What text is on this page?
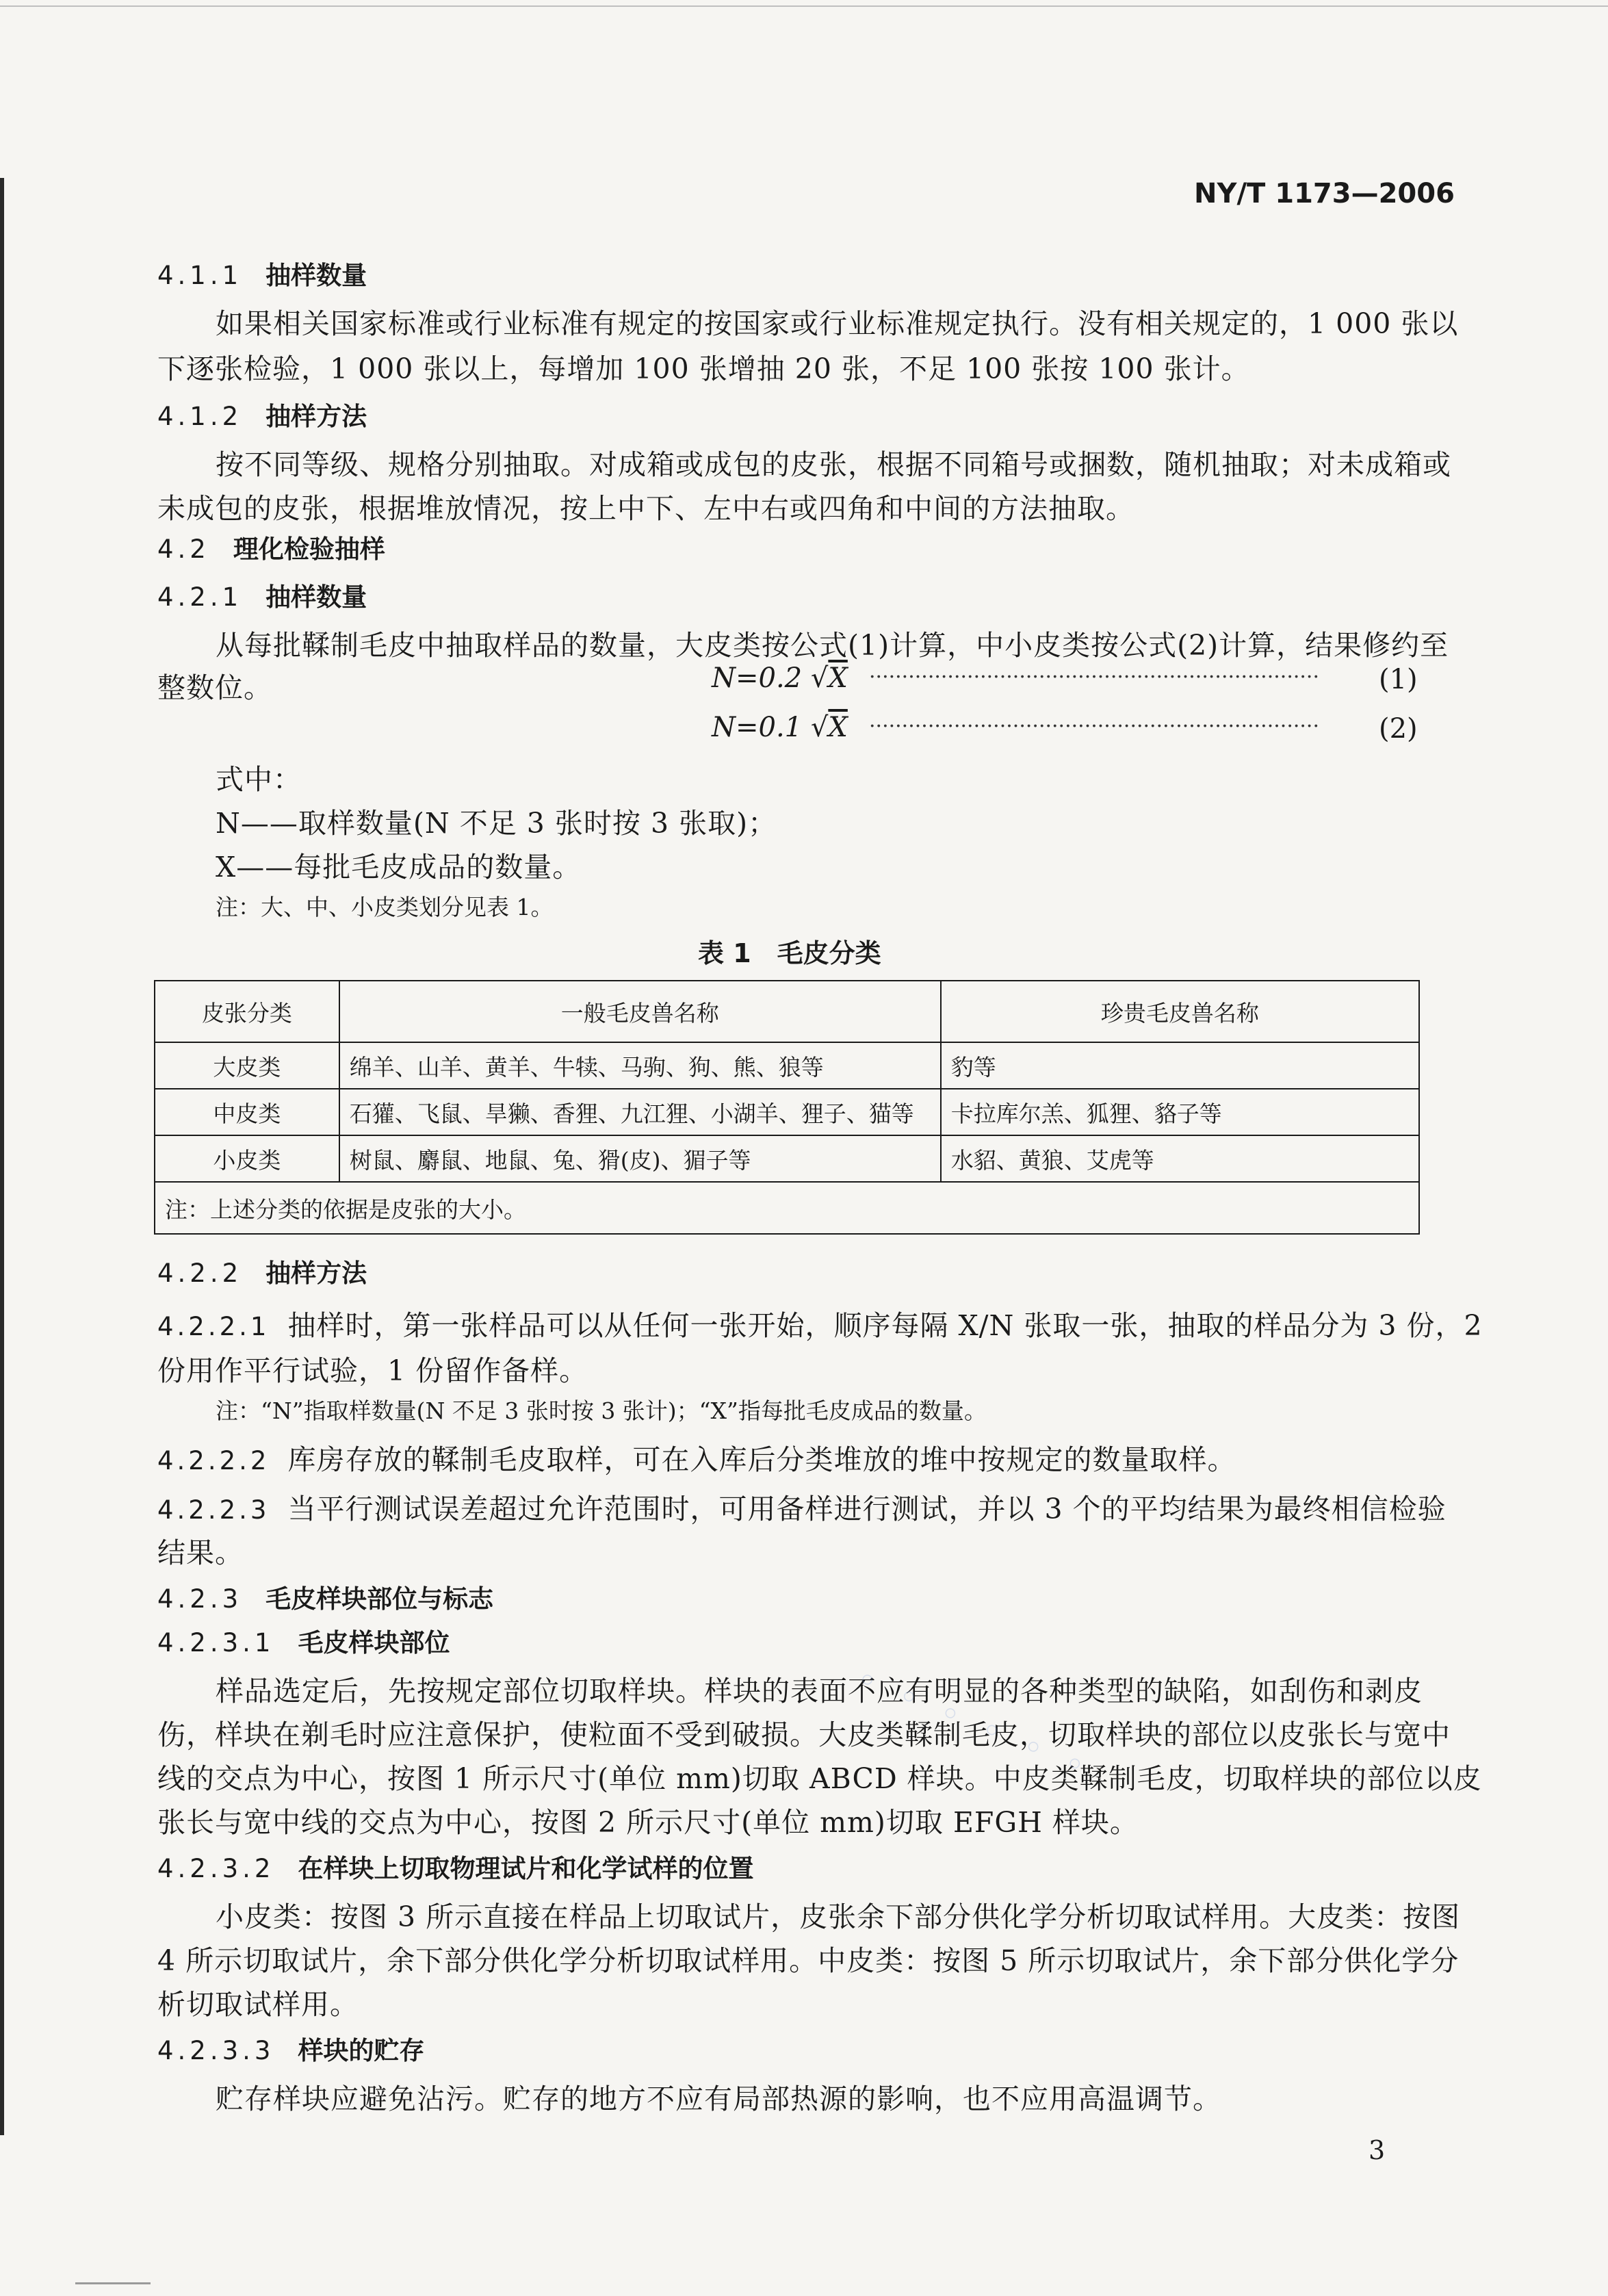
NY/T 1173—2006
4.1.1 抽样数量
如果相关国家标准或行业标准有规定的按国家或行业标准规定执行。没有相关规定的，1 000 张以
下逐张检验，1 000 张以上，每增加 100 张增抽 20 张，不足 100 张按 100 张计。
4.1.2 抽样方法
按不同等级、规格分别抽取。对成箱或成包的皮张，根据不同箱号或捆数，随机抽取；对未成箱或
未成包的皮张，根据堆放情况，按上中下、左中右或四角和中间的方法抽取。
4.2 理化检验抽样
4.2.1 抽样数量
从每批鞣制毛皮中抽取样品的数量，大皮类按公式(1)计算，中小皮类按公式(2)计算，结果修约至
整数位。	N=0.2 √X ·····································································	(1)
N=0.1 √X ·····································································	(2)
式中：
N——取样数量(N 不足 3 张时按 3 张取)；
X——每批毛皮成品的数量。
注：大、中、小皮类划分见表 1。
表 1　毛皮分类
皮张分类	一般毛皮兽名称	珍贵毛皮兽名称
大皮类	绵羊、山羊、黄羊、牛犊、马驹、狗、熊、狼等	豹等
中皮类	石獾、飞鼠、旱獭、香狸、九江狸、小湖羊、狸子、猫等	卡拉库尔羔、狐狸、貉子等
小皮类	树鼠、麝鼠、地鼠、兔、猾(皮)、猸子等	水貂、黄狼、艾虎等
注：上述分类的依据是皮张的大小。		
4.2.2 抽样方法
4.2.2.1 抽样时，第一张样品可以从任何一张开始，顺序每隔 X/N 张取一张，抽取的样品分为 3 份，2
份用作平行试验，1 份留作备样。
注：“N”指取样数量(N 不足 3 张时按 3 张计)；“X”指每批毛皮成品的数量。
4.2.2.2 库房存放的鞣制毛皮取样，可在入库后分类堆放的堆中按规定的数量取样。
4.2.2.3 当平行测试误差超过允许范围时，可用备样进行测试，并以 3 个的平均结果为最终相信检验
结果。
4.2.3 毛皮样块部位与标志
4.2.3.1 毛皮样块部位
样品选定后，先按规定部位切取样块。样块的表面不应有明显的各种类型的缺陷，如刮伤和剥皮
伤，样块在剃毛时应注意保护，使粒面不受到破损。大皮类鞣制毛皮，切取样块的部位以皮张长与宽中
线的交点为中心，按图 1 所示尺寸(单位 mm)切取 ABCD 样块。中皮类鞣制毛皮，切取样块的部位以皮
张长与宽中线的交点为中心，按图 2 所示尺寸(单位 mm)切取 EFGH 样块。
4.2.3.2 在样块上切取物理试片和化学试样的位置
小皮类：按图 3 所示直接在样品上切取试片，皮张余下部分供化学分析切取试样用。大皮类：按图
4 所示切取试片，余下部分供化学分析切取试样用。中皮类：按图 5 所示切取试片，余下部分供化学分
析切取试样用。
4.2.3.3 样块的贮存
贮存样块应避免沾污。贮存的地方不应有局部热源的影响，也不应用高温调节。
3
◦ ◦ ◦ ◦ ◦ ◦
